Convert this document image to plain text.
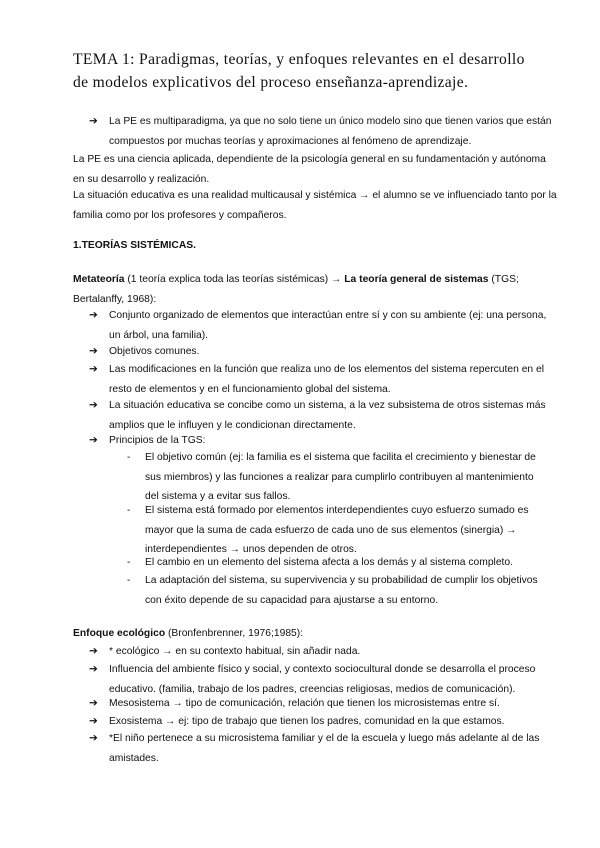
TEMA 1: Paradigmas, teorías, y enfoques relevantes en el desarrollo de modelos explicativos del proceso enseñanza-aprendizaje.
➔	La PE es multiparadigma, ya que no solo tiene un único modelo sino que tienen varios que están compuestos por muchas teorías y aproximaciones al fenómeno de aprendizaje.

La PE es una ciencia aplicada, dependiente de la psicología general en su fundamentación y autónoma en su desarrollo y realización.

La situación educativa es una realidad multicausal y sistémica → el alumno se ve influenciado tanto por la familia como por los profesores y compañeros.

1.TEORÍAS SISTÉMICAS.

Metateoría (1 teoría explica toda las teorías sistémicas) → La teoría general de sistemas (TGS; Bertalanffy, 1968):

➔	Conjunto organizado de elementos que interactúan entre sí y con su ambiente (ej: una persona, un árbol, una familia).
➔	Objetivos comunes.
➔	Las modificaciones en la función que realiza uno de los elementos del sistema repercuten en el resto de elementos y en el funcionamiento global del sistema.
➔	La situación educativa se concibe como un sistema, a la vez subsistema de otros sistemas más amplios que le influyen y le condicionan directamente.
➔	Principios de la TGS:
-	El objetivo común (ej: la familia es el sistema que facilita el crecimiento y bienestar de sus miembros) y las funciones a realizar para cumplirlo contribuyen al mantenimiento del sistema y a evitar sus fallos.
-	El sistema está formado por elementos interdependientes cuyo esfuerzo sumado es mayor que la suma de cada esfuerzo de cada uno de sus elementos (sinergia) → interdependientes → unos dependen de otros.
-	El cambio en un elemento del sistema afecta a los demás y al sistema completo.
-	La adaptación del sistema, su supervivencia y su probabilidad de cumplir los objetivos con éxito depende de su capacidad para ajustarse a su entorno.

Enfoque ecológico (Bronfenbrenner, 1976;1985):

➔	* ecológico → en su contexto habitual, sin añadir nada.
➔	Influencia del ambiente físico y social, y contexto sociocultural donde se desarrolla el proceso educativo. (familia, trabajo de los padres, creencias religiosas, medios de comunicación).
➔	Mesosistema → tipo de comunicación, relación que tienen los microsistemas entre sí.
➔	Exosistema → ej: tipo de trabajo que tienen los padres, comunidad en la que estamos.
➔	*El niño pertenece a su microsistema familiar y el de la escuela y luego más adelante al de las amistades.
